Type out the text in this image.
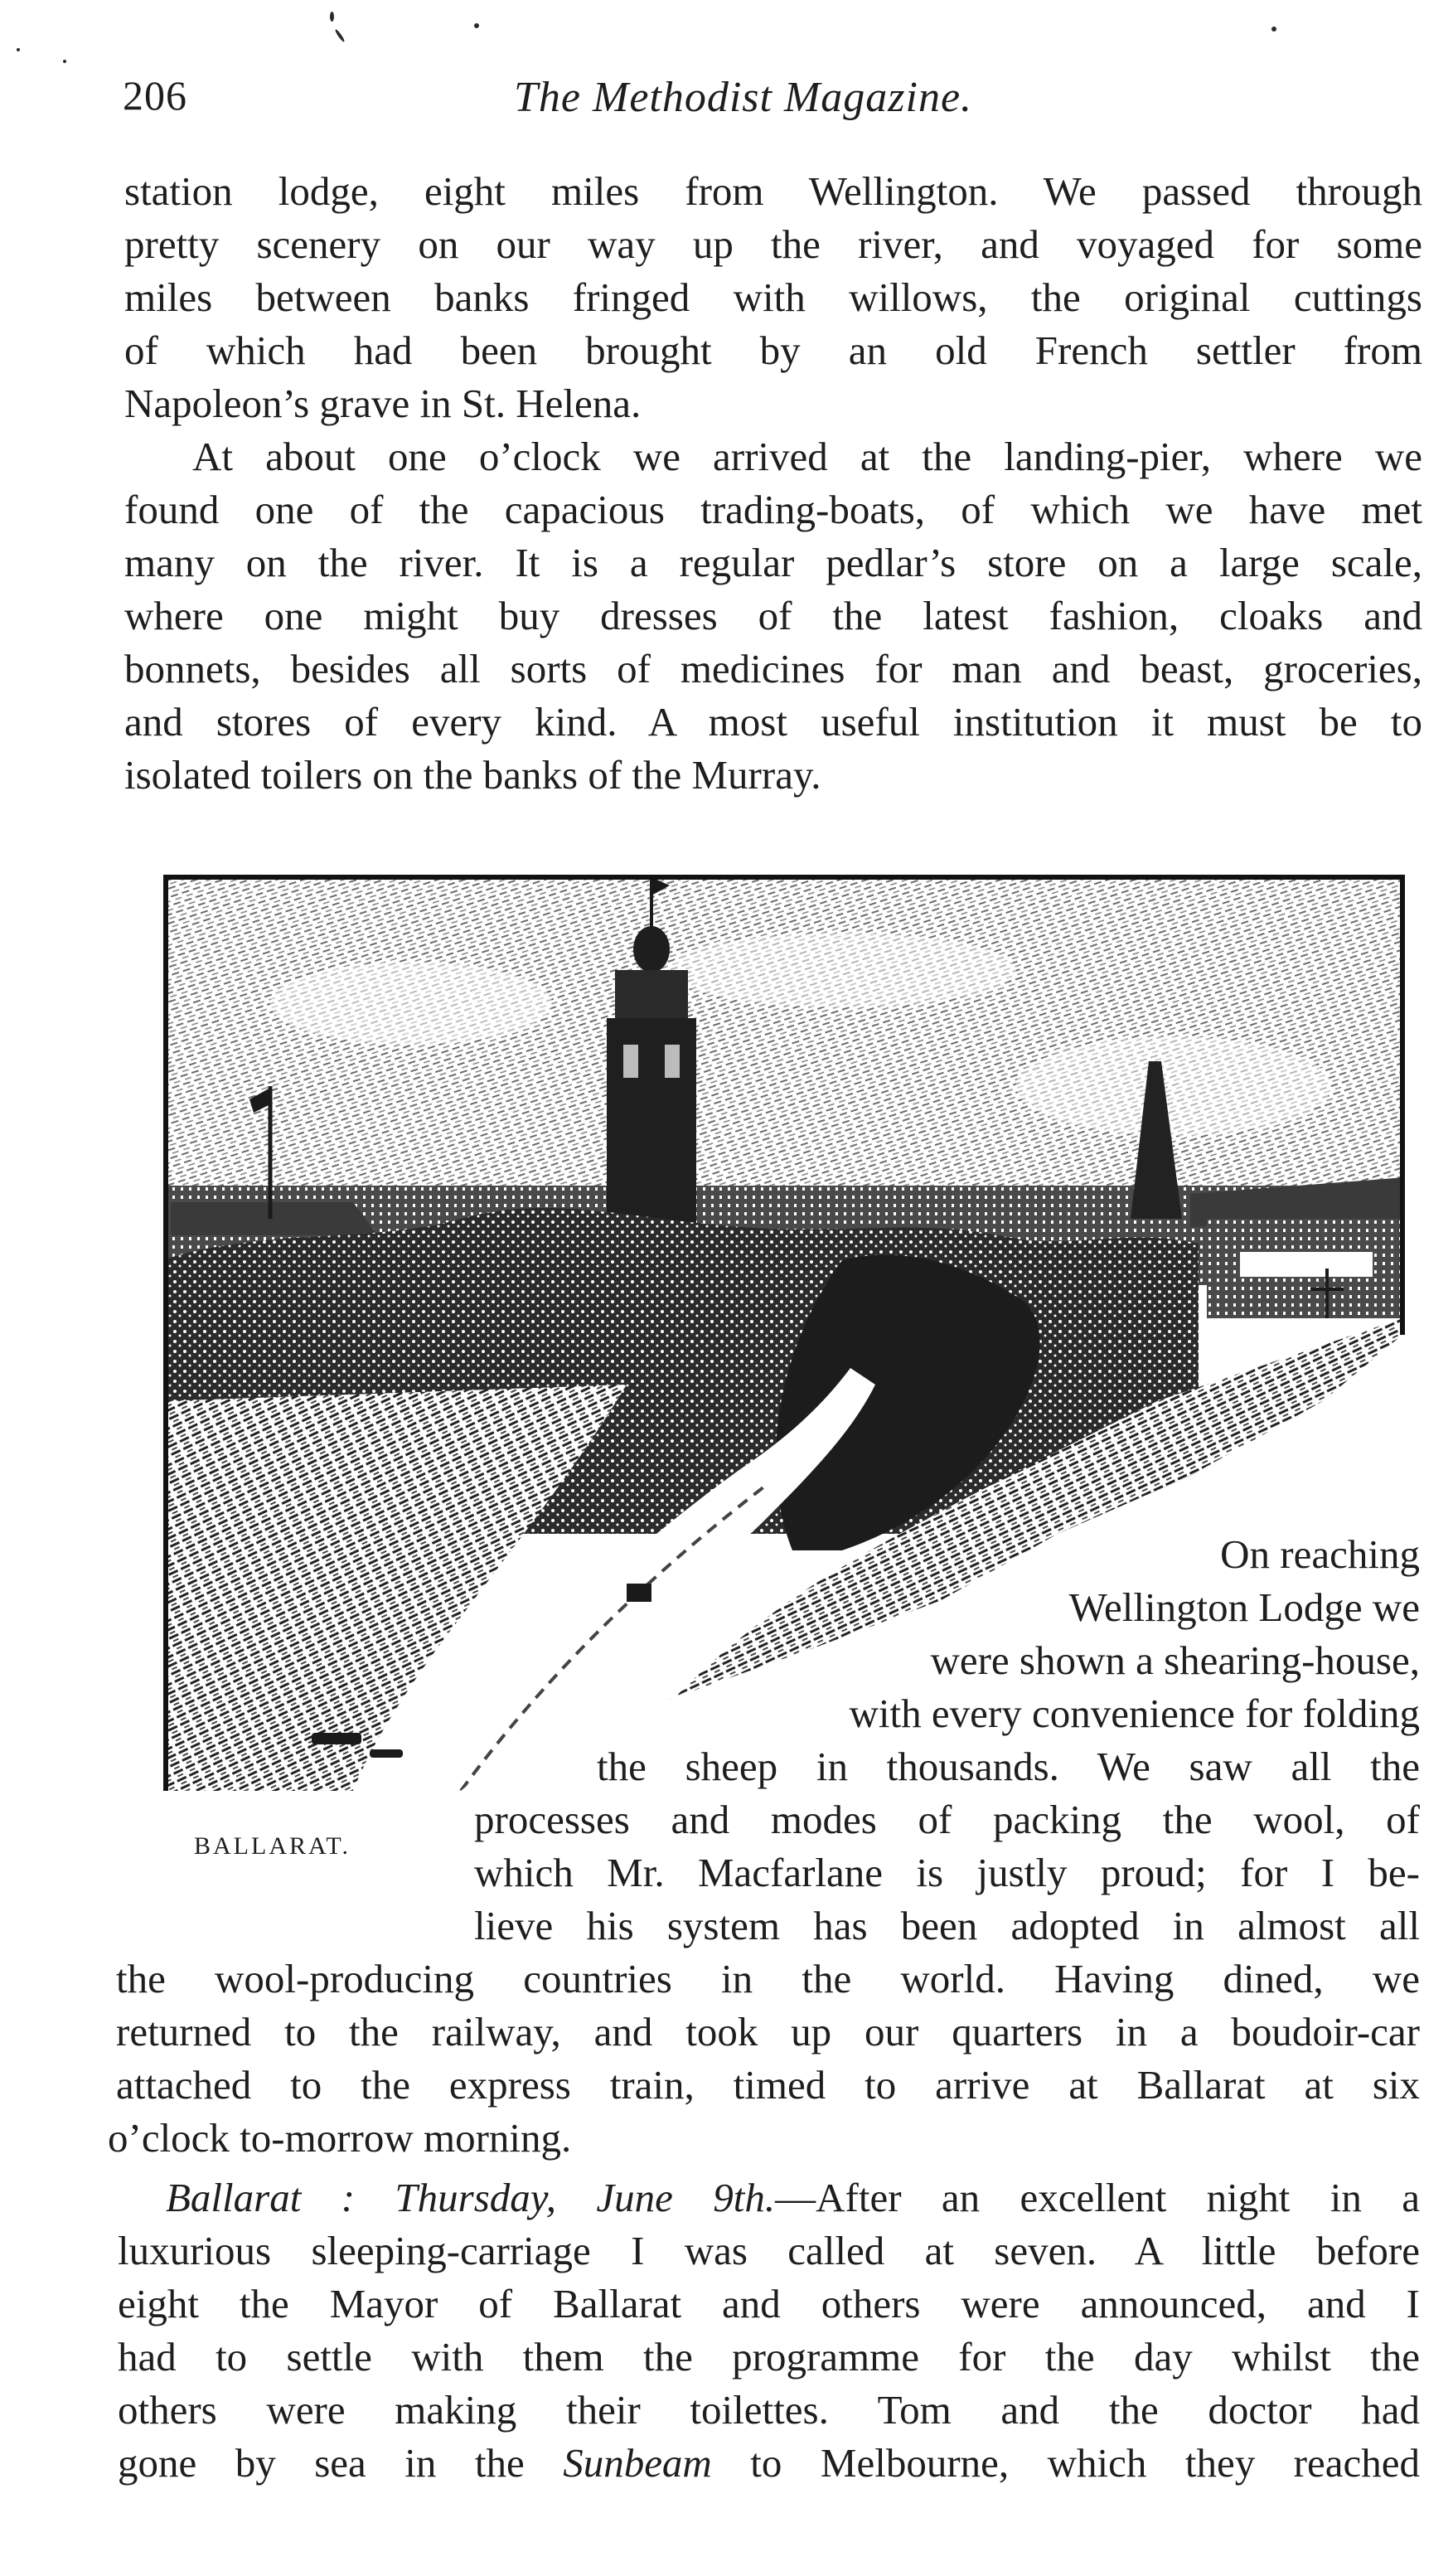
206	The Methodist Magazine.
station lodge, eight miles from Wellington. We passed through
pretty scenery on our way up the river, and voyaged for some
miles between banks fringed with willows, the original cuttings
of which had been brought by an old French settler from
Napoleon’s grave in St. Helena.
At about one o’clock we arrived at the landing-pier, where we
found one of the capacious trading-boats, of which we have met
many on the river. It is a regular pedlar’s store on a large scale,
where one might buy dresses of the latest fashion, cloaks and
bonnets, besides all sorts of medicines for man and beast, groceries,
and stores of every kind. A most useful institution it must be to
isolated toilers on the banks of the Murray.
BALLARAT.
On reaching
Wellington Lodge we
were shown a shearing-house,
with every convenience for folding
the sheep in thousands. We saw all the
processes and modes of packing the wool, of
which Mr. Macfarlane is justly proud; for I be-
lieve his system has been adopted in almost all
the wool-producing countries in the world. Having dined, we
returned to the railway, and took up our quarters in a boudoir-car
attached to the express train, timed to arrive at Ballarat at six
o’clock to-morrow morning.
Ballarat : Thursday, June 9th.—After an excellent night in a
luxurious sleeping-carriage I was called at seven. A little before
eight the Mayor of Ballarat and others were announced, and I
had to settle with them the programme for the day whilst the
others were making their toilettes. Tom and the doctor had
gone by sea in the Sunbeam to Melbourne, which they reached
